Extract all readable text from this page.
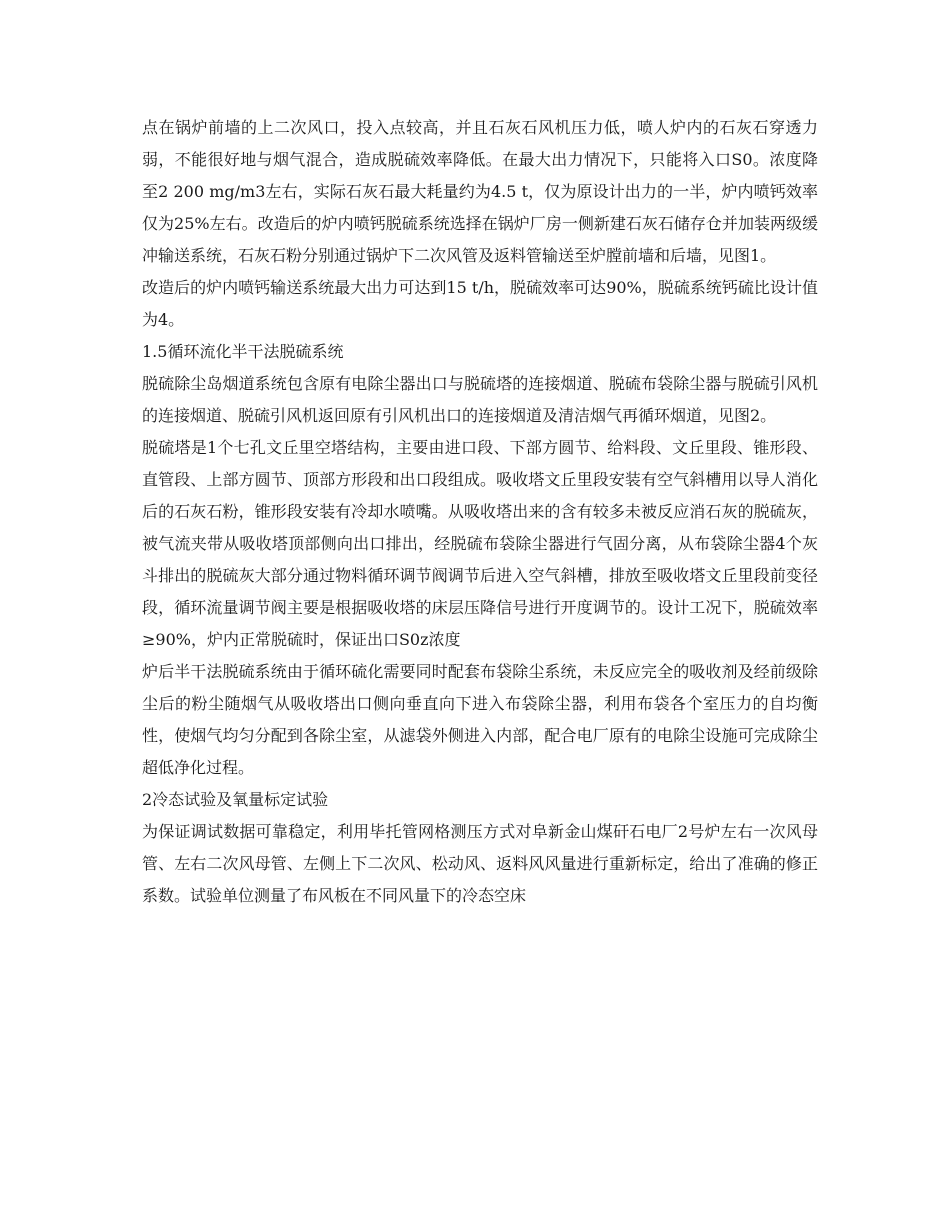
点在锅炉前墙的上二次风口，投入点较高，并且石灰石风机压力低，喷人炉内的石灰石穿透力弱，不能很好地与烟气混合，造成脱硫效率降低。在最大出力情况下，只能将入口S0。浓度降至2 200 mg/m3左右，实际石灰石最大耗量约为4.5 t，仅为原设计出力的一半，炉内喷钙效率仅为25%左右。改造后的炉内喷钙脱硫系统选择在锅炉厂房一侧新建石灰石储存仓并加装两级缓冲输送系统，石灰石粉分别通过锅炉下二次风管及返料管输送至炉膛前墙和后墙，见图1。

改造后的炉内喷钙输送系统最大出力可达到15 t/h，脱硫效率可达90%，脱硫系统钙硫比设计值为4。

1.5循环流化半干法脱硫系统

脱硫除尘岛烟道系统包含原有电除尘器出口与脱硫塔的连接烟道、脱硫布袋除尘器与脱硫引风机的连接烟道、脱硫引风机返回原有引风机出口的连接烟道及清洁烟气再循环烟道，见图2。

脱硫塔是1个七孔文丘里空塔结构，主要由进口段、下部方圆节、给料段、文丘里段、锥形段、直管段、上部方圆节、顶部方形段和出口段组成。吸收塔文丘里段安装有空气斜槽用以导人消化后的石灰石粉，锥形段安装有冷却水喷嘴。从吸收塔出来的含有较多未被反应消石灰的脱硫灰，被气流夹带从吸收塔顶部侧向出口排出，经脱硫布袋除尘器进行气固分离，从布袋除尘器4个灰斗排出的脱硫灰大部分通过物料循环调节阀调节后进入空气斜槽，排放至吸收塔文丘里段前变径段，循环流量调节阀主要是根据吸收塔的床层压降信号进行开度调节的。设计工况下，脱硫效率≥90%，炉内正常脱硫时，保证出口S0z浓度

炉后半干法脱硫系统由于循环硫化需要同时配套布袋除尘系统，未反应完全的吸收剂及经前级除尘后的粉尘随烟气从吸收塔出口侧向垂直向下进入布袋除尘器，利用布袋各个室压力的自均衡性，使烟气均匀分配到各除尘室，从滤袋外侧进入内部，配合电厂原有的电除尘设施可完成除尘超低净化过程。

2冷态试验及氧量标定试验

为保证调试数据可靠稳定，利用毕托管网格测压方式对阜新金山煤矸石电厂2号炉左右一次风母管、左右二次风母管、左侧上下二次风、松动风、返料风风量进行重新标定，给出了准确的修正系数。试验单位测量了布风板在不同风量下的冷态空床
